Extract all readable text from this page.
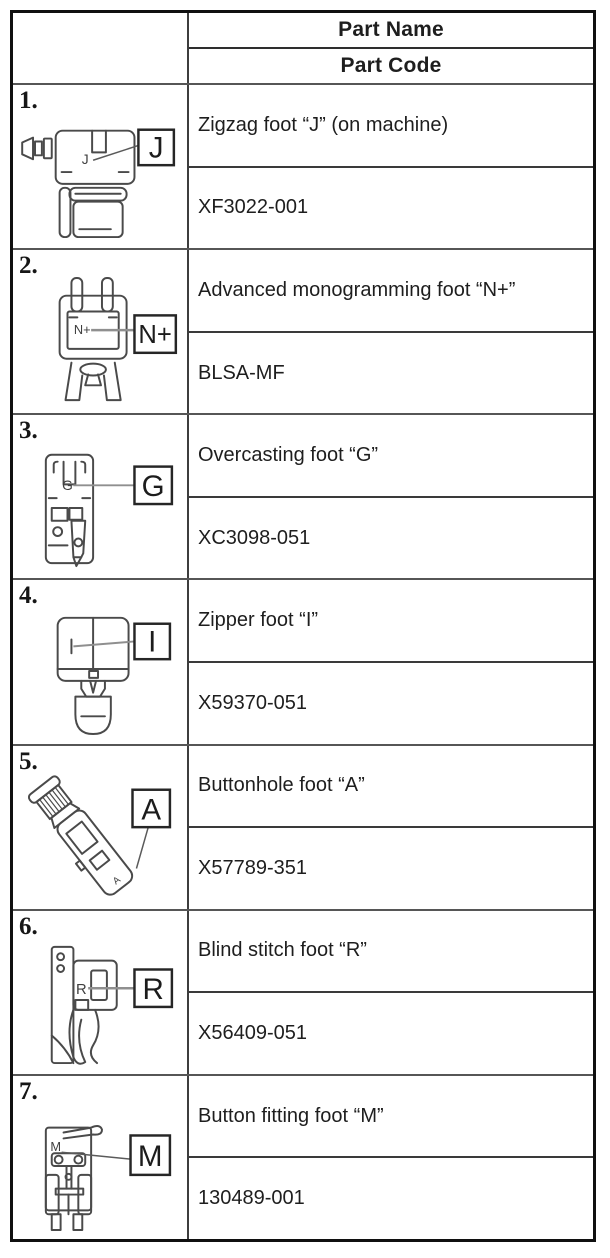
Part Name
Part Code
1.
J J
Zigzag foot “J” (on machine)
XF3022-001
2.
N+ N+
Advanced monogramming foot “N+”
BLSA-MF
3.
G G
Overcasting foot “G”
XC3098-051
4.
I
Zipper foot “I”
X59370-051
5.
A
A
Buttonhole foot “A”
X57789-351
6.
R R
Blind stitch foot “R”
X56409-051
7.
M	M
Button fitting foot “M”
130489-001
